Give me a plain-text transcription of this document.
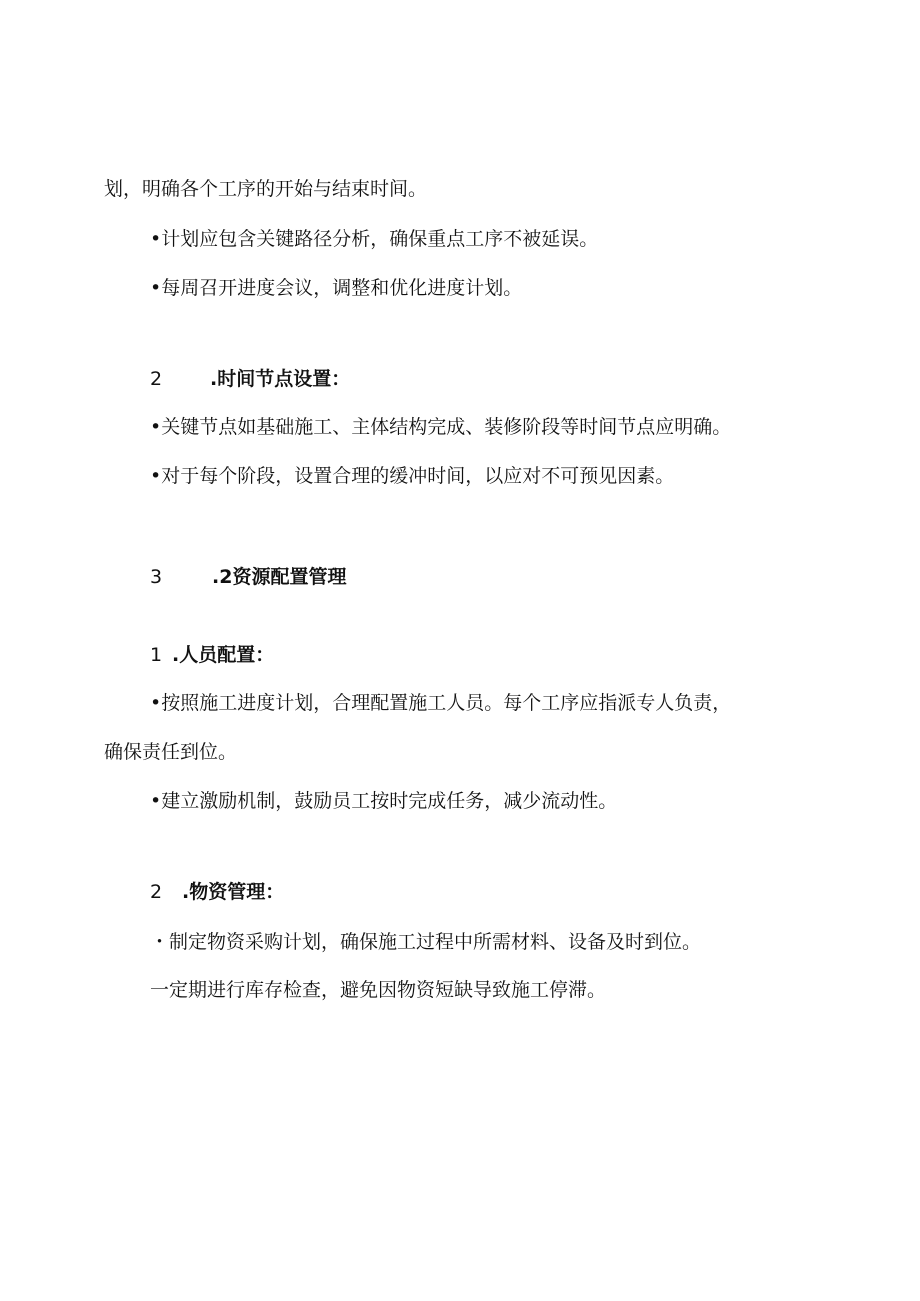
划，明确各个工序的开始与结束时间。
•计划应包含关键路径分析，确保重点工序不被延误。
•每周召开进度会议，调整和优化进度计划。
2	.时间节点设置：
•关键节点如基础施工、主体结构完成、装修阶段等时间节点应明确。
•对于每个阶段，设置合理的缓冲时间，以应对不可预见因素。
3	.2资源配置管理
1 .人员配置：
•按照施工进度计划，合理配置施工人员。每个工序应指派专人负责，
确保责任到位。
•建立激励机制，鼓励员工按时完成任务，减少流动性。
2 .物资管理：
・制定物资采购计划，确保施工过程中所需材料、设备及时到位。
一定期进行库存检查，避免因物资短缺导致施工停滞。
